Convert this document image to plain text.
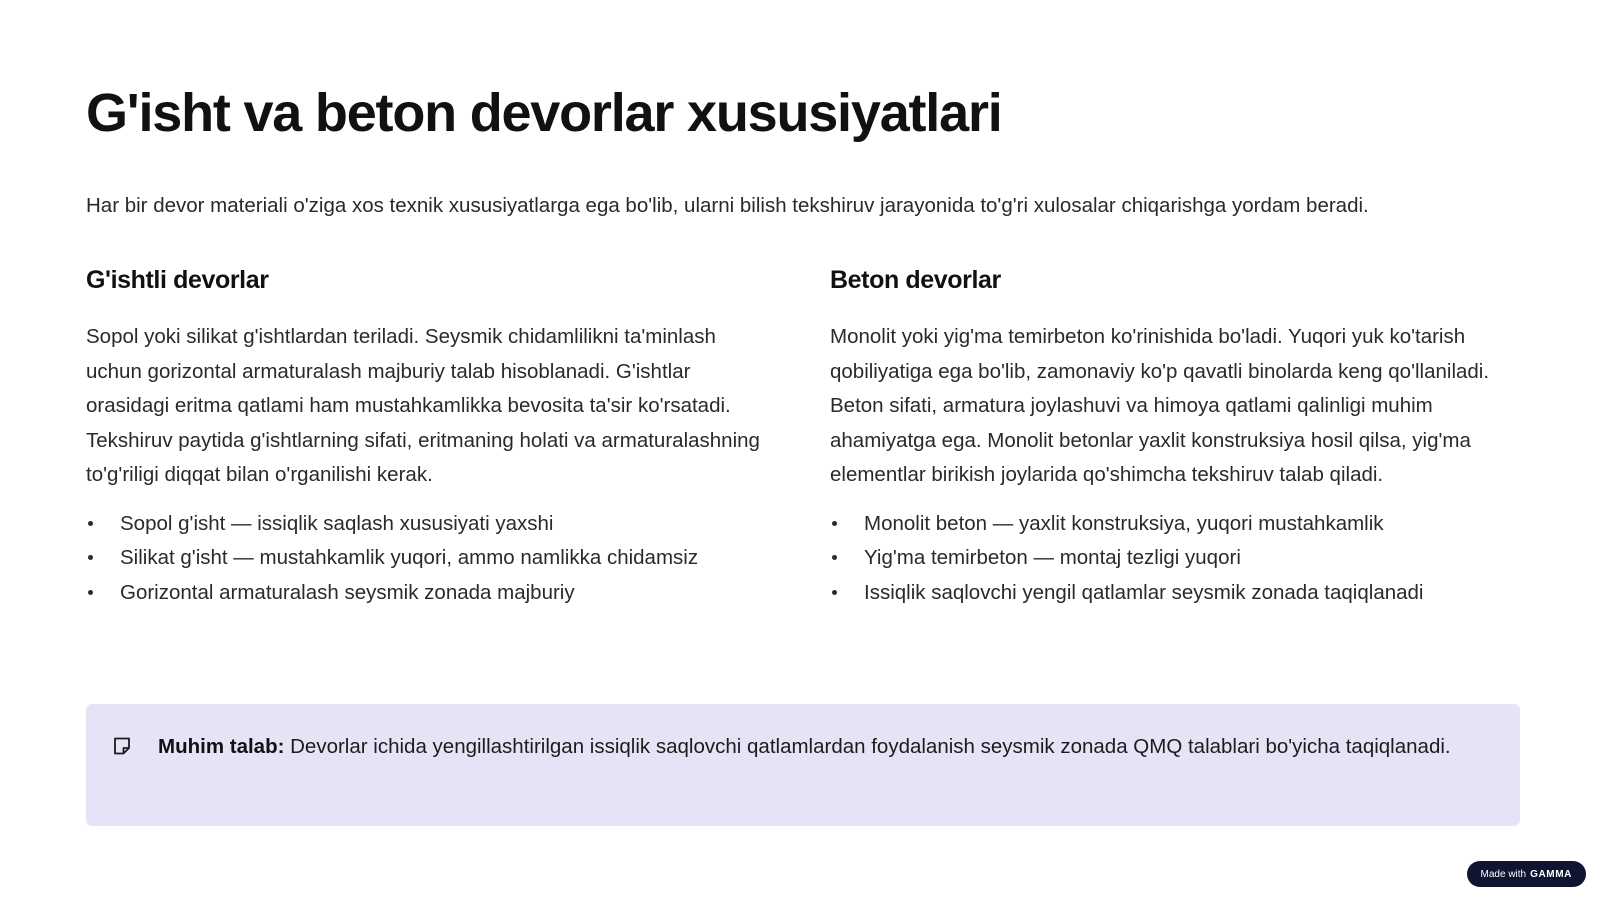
G'isht va beton devorlar xususiyatlari

Har bir devor materiali o'ziga xos texnik xususiyatlarga ega bo'lib, ularni bilish tekshiruv jarayonida to'g'ri xulosalar chiqarishga yordam beradi.

G'ishtli devorlar

Sopol yoki silikat g'ishtlardan teriladi. Seysmik chidamlilikni ta'minlash uchun gorizontal armaturalash majburiy talab hisoblanadi. G'ishtlar orasidagi eritma qatlami ham mustahkamlikka bevosita ta'sir ko'rsatadi. Tekshiruv paytida g'ishtlarning sifati, eritmaning holati va armaturalashning to'g'riligi diqqat bilan o'rganilishi kerak.

Sopol g'isht — issiqlik saqlash xususiyati yaxshi
Silikat g'isht — mustahkamlik yuqori, ammo namlikka chidamsiz
Gorizontal armaturalash seysmik zonada majburiy
Beton devorlar

Monolit yoki yig'ma temirbeton ko'rinishida bo'ladi. Yuqori yuk ko'tarish qobiliyatiga ega bo'lib, zamonaviy ko'p qavatli binolarda keng qo'llaniladi. Beton sifati, armatura joylashuvi va himoya qatlami qalinligi muhim ahamiyatga ega. Monolit betonlar yaxlit konstruksiya hosil qilsa, yig'ma elementlar birikish joylarida qo'shimcha tekshiruv talab qiladi.

Monolit beton — yaxlit konstruksiya, yuqori mustahkamlik
Yig'ma temirbeton — montaj tezligi yuqori
Issiqlik saqlovchi yengil qatlamlar seysmik zonada taqiqlanadi

Muhim talab: Devorlar ichida yengillashtirilgan issiqlik saqlovchi qatlamlardan foydalanish seysmik zonada QMQ talablari bo'yicha taqiqlanadi.

Made with GAMMA
